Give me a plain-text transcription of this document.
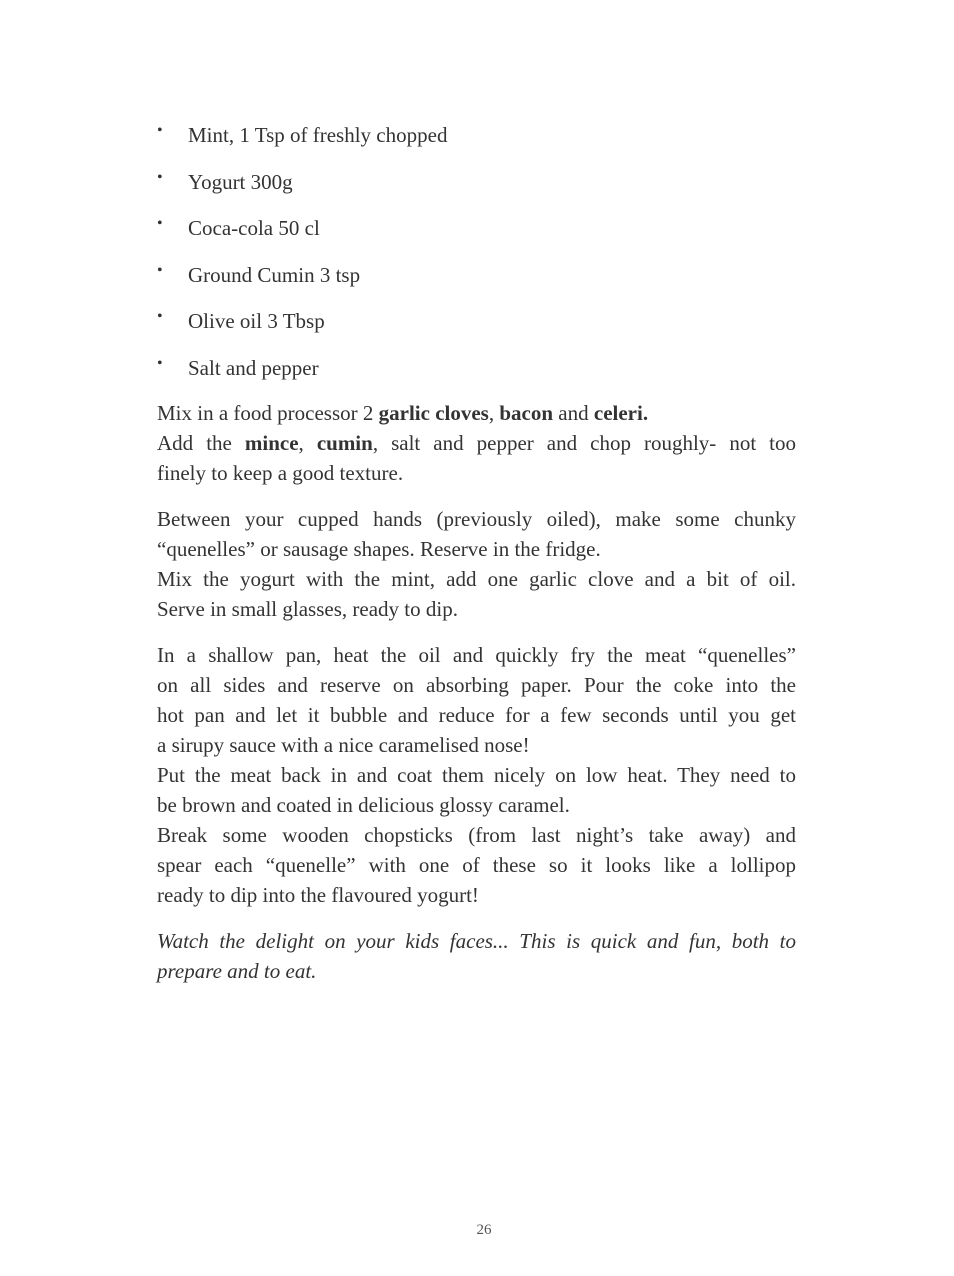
• Mint, 1 Tsp of freshly chopped
• Yogurt 300g
• Coca-cola 50 cl
• Ground Cumin 3 tsp
• Olive oil 3 Tbsp
• Salt and pepper

Mix in a food processor 2 garlic cloves, bacon and celeri.
Add the mince, cumin, salt and pepper and chop roughly- not too
finely to keep a good texture.

Between your cupped hands (previously oiled), make some chunky
“quenelles” or sausage shapes. Reserve in the fridge.
Mix the yogurt with the mint, add one garlic clove and a bit of oil.
Serve in small glasses, ready to dip.

In a shallow pan, heat the oil and quickly fry the meat “quenelles”
on all sides and reserve on absorbing paper. Pour the coke into the
hot pan and let it bubble and reduce for a few seconds until you get
a sirupy sauce with a nice caramelised nose!
Put the meat back in and coat them nicely on low heat. They need to
be brown and coated in delicious glossy caramel.
Break some wooden chopsticks (from last night’s take away) and
spear each “quenelle” with one of these so it looks like a lollipop
ready to dip into the flavoured yogurt!

Watch the delight on your kids faces... This is quick and fun, both to
prepare and to eat.

26
